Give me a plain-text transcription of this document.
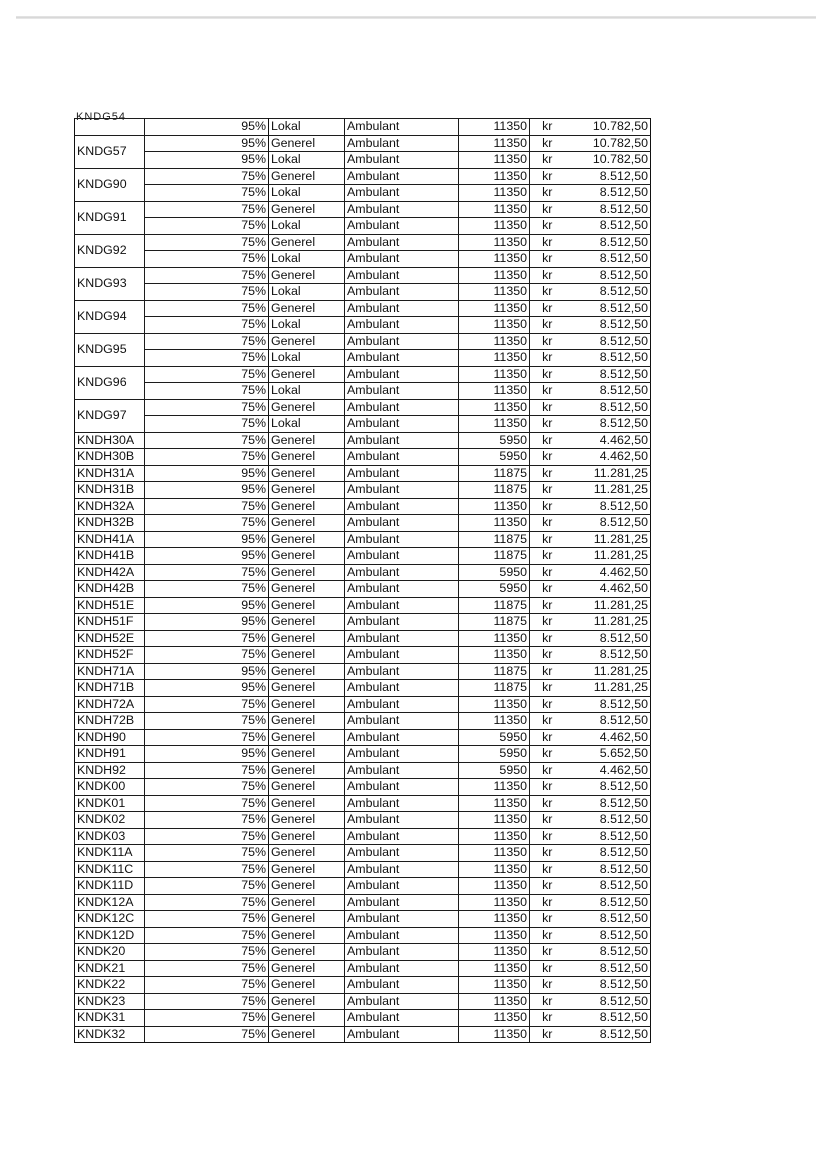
KNDG54
	95%	Lokal	Ambulant	11350	kr	10.782,50
KNDG57	95%	Generel	Ambulant	11350	kr	10.782,50
	95%	Lokal	Ambulant	11350	kr	10.782,50
KNDG90	75%	Generel	Ambulant	11350	kr	8.512,50
	75%	Lokal	Ambulant	11350	kr	8.512,50
KNDG91	75%	Generel	Ambulant	11350	kr	8.512,50
	75%	Lokal	Ambulant	11350	kr	8.512,50
KNDG92	75%	Generel	Ambulant	11350	kr	8.512,50
	75%	Lokal	Ambulant	11350	kr	8.512,50
KNDG93	75%	Generel	Ambulant	11350	kr	8.512,50
	75%	Lokal	Ambulant	11350	kr	8.512,50
KNDG94	75%	Generel	Ambulant	11350	kr	8.512,50
	75%	Lokal	Ambulant	11350	kr	8.512,50
KNDG95	75%	Generel	Ambulant	11350	kr	8.512,50
	75%	Lokal	Ambulant	11350	kr	8.512,50
KNDG96	75%	Generel	Ambulant	11350	kr	8.512,50
	75%	Lokal	Ambulant	11350	kr	8.512,50
KNDG97	75%	Generel	Ambulant	11350	kr	8.512,50
	75%	Lokal	Ambulant	11350	kr	8.512,50
KNDH30A	75%	Generel	Ambulant	5950	kr	4.462,50
KNDH30B	75%	Generel	Ambulant	5950	kr	4.462,50
KNDH31A	95%	Generel	Ambulant	11875	kr	11.281,25
KNDH31B	95%	Generel	Ambulant	11875	kr	11.281,25
KNDH32A	75%	Generel	Ambulant	11350	kr	8.512,50
KNDH32B	75%	Generel	Ambulant	11350	kr	8.512,50
KNDH41A	95%	Generel	Ambulant	11875	kr	11.281,25
KNDH41B	95%	Generel	Ambulant	11875	kr	11.281,25
KNDH42A	75%	Generel	Ambulant	5950	kr	4.462,50
KNDH42B	75%	Generel	Ambulant	5950	kr	4.462,50
KNDH51E	95%	Generel	Ambulant	11875	kr	11.281,25
KNDH51F	95%	Generel	Ambulant	11875	kr	11.281,25
KNDH52E	75%	Generel	Ambulant	11350	kr	8.512,50
KNDH52F	75%	Generel	Ambulant	11350	kr	8.512,50
KNDH71A	95%	Generel	Ambulant	11875	kr	11.281,25
KNDH71B	95%	Generel	Ambulant	11875	kr	11.281,25
KNDH72A	75%	Generel	Ambulant	11350	kr	8.512,50
KNDH72B	75%	Generel	Ambulant	11350	kr	8.512,50
KNDH90	75%	Generel	Ambulant	5950	kr	4.462,50
KNDH91	95%	Generel	Ambulant	5950	kr	5.652,50
KNDH92	75%	Generel	Ambulant	5950	kr	4.462,50
KNDK00	75%	Generel	Ambulant	11350	kr	8.512,50
KNDK01	75%	Generel	Ambulant	11350	kr	8.512,50
KNDK02	75%	Generel	Ambulant	11350	kr	8.512,50
KNDK03	75%	Generel	Ambulant	11350	kr	8.512,50
KNDK11A	75%	Generel	Ambulant	11350	kr	8.512,50
KNDK11C	75%	Generel	Ambulant	11350	kr	8.512,50
KNDK11D	75%	Generel	Ambulant	11350	kr	8.512,50
KNDK12A	75%	Generel	Ambulant	11350	kr	8.512,50
KNDK12C	75%	Generel	Ambulant	11350	kr	8.512,50
KNDK12D	75%	Generel	Ambulant	11350	kr	8.512,50
KNDK20	75%	Generel	Ambulant	11350	kr	8.512,50
KNDK21	75%	Generel	Ambulant	11350	kr	8.512,50
KNDK22	75%	Generel	Ambulant	11350	kr	8.512,50
KNDK23	75%	Generel	Ambulant	11350	kr	8.512,50
KNDK31	75%	Generel	Ambulant	11350	kr	8.512,50
KNDK32	75%	Generel	Ambulant	11350	kr	8.512,50
